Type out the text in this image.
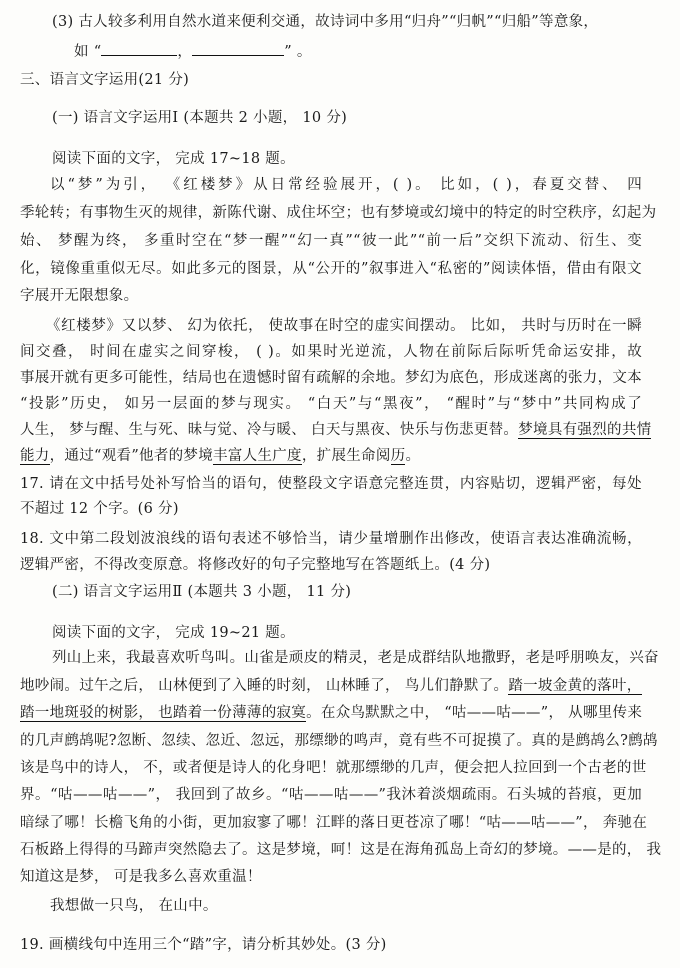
(3) 古人较多利用自然水道来便利交通，故诗词中多用“归舟”“归帆”“归船”等意象，
如 “	，	” 。
三、语言文字运用(21 分)
(一) 语言文字运用Ⅰ (本题共 2 小题， 10 分)
阅读下面的文字， 完成 17~18 题。
以“梦”为引， 《红楼梦》从日常经验展开，( )。 比如，( )，春夏交替、 四
季轮转；有事物生灭的规律，新陈代谢、成住坏空；也有梦境或幻境中的特定的时空秩序，幻起为
始、 梦醒为终， 多重时空在“梦一醒”“幻一真”“彼一此”“前一后”交织下流动、衍生、变
化，镜像重重似无尽。如此多元的图景，从“公开的”叙事进入“私密的”阅读体悟，借由有限文
字展开无限想象。
《红楼梦》又以梦、 幻为依托， 使故事在时空的虚实间摆动。 比如， 共时与历时在一瞬
间交叠， 时间在虚实之间穿梭， ( )。如果时光逆流，人物在前际后际听凭命运安排，故
事展开就有更多可能性，结局也在遗憾时留有疏解的余地。梦幻为底色，形成迷离的张力，文本
“投影”历史， 如另一层面的梦与现实。 “白天”与“黑夜”， “醒时”与“梦中”共同构成了
人生， 梦与醒、生与死、昧与觉、冷与暖、 白天与黑夜、快乐与伤悲更替。梦境具有强烈的共情
能力，通过“观看”他者的梦境丰富人生广度，扩展生命阅历。
17. 请在文中括号处补写恰当的语句，使整段文字语意完整连贯，内容贴切，逻辑严密，每处
不超过 12 个字。(6 分)
18. 文中第二段划波浪线的语句表述不够恰当，请少量增删作出修改，使语言表达准确流畅，
逻辑严密，不得改变原意。将修改好的句子完整地写在答题纸上。(4 分)
(二) 语言文字运用Ⅱ (本题共 3 小题， 11 分)
阅读下面的文字， 完成 19~21 题。
列山上来，我最喜欢听鸟叫。山雀是顽皮的精灵，老是成群结队地撒野，老是呼朋唤友，兴奋
地吵闹。过午之后， 山林便到了入睡的时刻， 山林睡了， 鸟儿们静默了。踏一坡金黄的落叶，
踏一地斑驳的树影， 也踏着一份薄薄的寂寞。在众鸟默默之中， “咕——咕——”， 从哪里传来
的几声鹧鸪呢?忽断、忽续、忽近、忽远，那缥缈的鸣声，竟有些不可捉摸了。真的是鹧鸪么?鹧鸪
该是鸟中的诗人， 不，或者便是诗人的化身吧！就那缥缈的几声，便会把人拉回到一个古老的世
界。“咕——咕——”， 我回到了故乡。“咕——咕——”我沐着淡烟疏雨。石头城的苔痕，更加
暗绿了哪！长檐飞角的小街，更加寂寥了哪！江畔的落日更苍凉了哪！“咕——咕——”， 奔驰在
石板路上得得的马蹄声突然隐去了。这是梦境，呵！这是在海角孤岛上奇幻的梦境。——是的， 我
知道这是梦， 可是我多么喜欢重温！
我想做一只鸟， 在山中。
19. 画横线句中连用三个“踏”字，请分析其妙处。(3 分)
